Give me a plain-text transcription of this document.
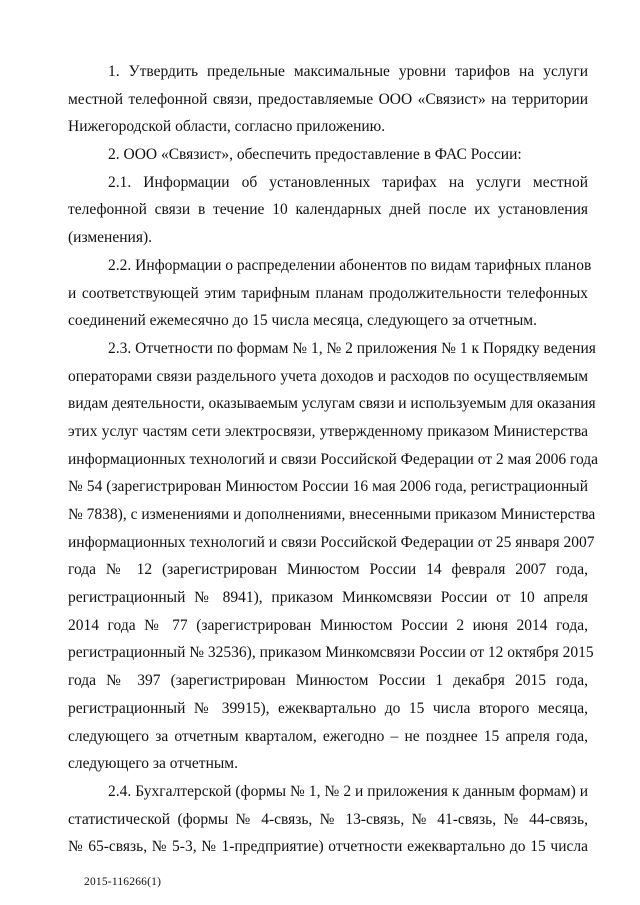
1. Утвердить предельные максимальные уровни тарифов на услуги
местной телефонной связи, предоставляемые ООО «Связист» на территории
Нижегородской области, согласно приложению.
2. ООО «Связист», обеспечить предоставление в ФАС России:
2.1. Информации об установленных тарифах на услуги местной
телефонной связи в течение 10 календарных дней после их установления
(изменения).
2.2. Информации о распределении абонентов по видам тарифных планов
и соответствующей этим тарифным планам продолжительности телефонных
соединений ежемесячно до 15 числа месяца, следующего за отчетным.
2.3. Отчетности по формам № 1, № 2 приложения № 1 к Порядку ведения
операторами связи раздельного учета доходов и расходов по осуществляемым
видам деятельности, оказываемым услугам связи и используемым для оказания
этих услуг частям сети электросвязи, утвержденному приказом Министерства
информационных технологий и связи Российской Федерации от 2 мая 2006 года
№ 54 (зарегистрирован Минюстом России 16 мая 2006 года, регистрационный
№ 7838), с изменениями и дополнениями, внесенными приказом Министерства
информационных технологий и связи Российской Федерации от 25 января 2007
года № 12 (зарегистрирован Минюстом России 14 февраля 2007 года,
регистрационный № 8941), приказом Минкомсвязи России от 10 апреля
2014 года № 77 (зарегистрирован Минюстом России 2 июня 2014 года,
регистрационный № 32536), приказом Минкомсвязи России от 12 октября 2015
года № 397 (зарегистрирован Минюстом России 1 декабря 2015 года,
регистрационный № 39915), ежеквартально до 15 числа второго месяца,
следующего за отчетным кварталом, ежегодно – не позднее 15 апреля года,
следующего за отчетным.
2.4. Бухгалтерской (формы № 1, № 2 и приложения к данным формам) и
статистической (формы № 4-связь, № 13-связь, № 41-связь, № 44-связь,
№ 65-связь, № 5-3, № 1-предприятие) отчетности ежеквартально до 15 числа
2015-116266(1)
